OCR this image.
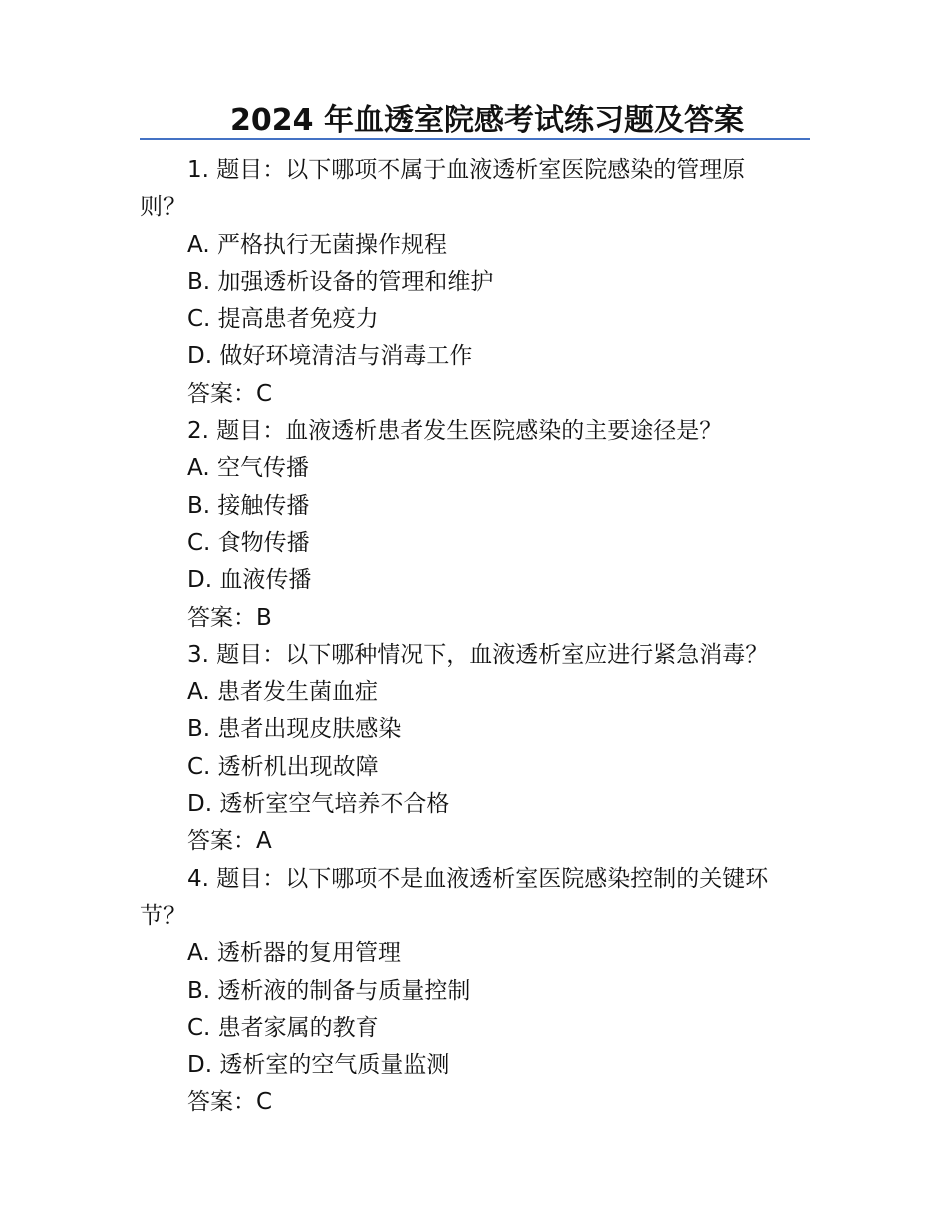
2024 年血透室院感考试练习题及答案
1. 题目：以下哪项不属于血液透析室医院感染的管理原
则？
A. 严格执行无菌操作规程
B. 加强透析设备的管理和维护
C. 提高患者免疫力
D. 做好环境清洁与消毒工作
答案：C
2. 题目：血液透析患者发生医院感染的主要途径是？
A. 空气传播
B. 接触传播
C. 食物传播
D. 血液传播
答案：B
3. 题目：以下哪种情况下，血液透析室应进行紧急消毒？
A. 患者发生菌血症
B. 患者出现皮肤感染
C. 透析机出现故障
D. 透析室空气培养不合格
答案：A
4. 题目：以下哪项不是血液透析室医院感染控制的关键环
节？
A. 透析器的复用管理
B. 透析液的制备与质量控制
C. 患者家属的教育
D. 透析室的空气质量监测
答案：C
